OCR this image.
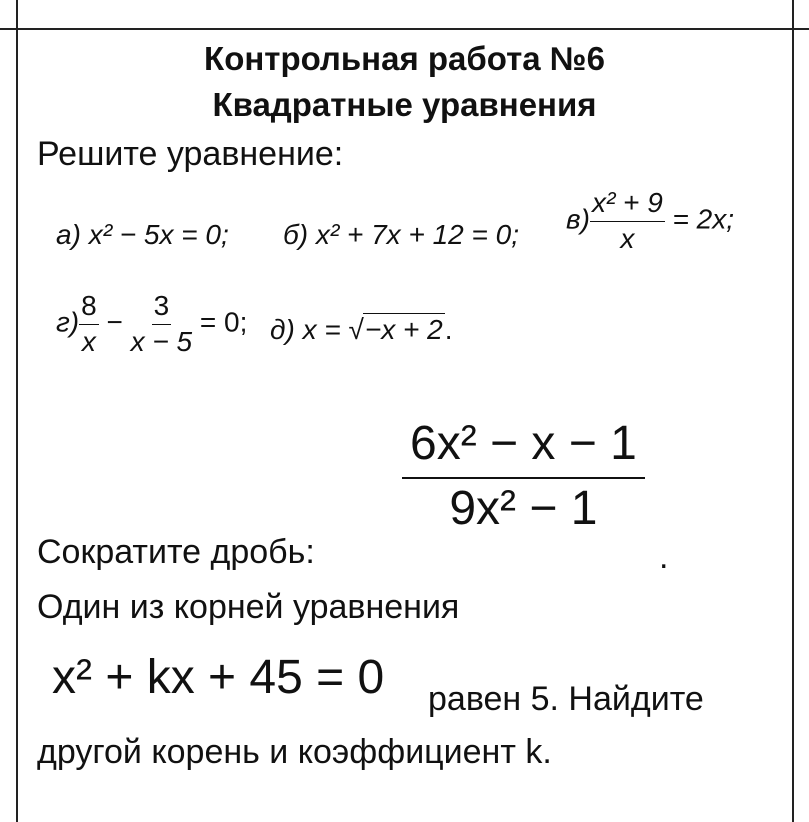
Контрольная работа №6
Квадратные уравнения
Решите уравнение:
а) x² − 5x = 0; б) x² + 7x + 12 = 0; $в) \frac{\text{x² + 9}}{x} = 2x$;
$г) \frac{8}{x} - \frac{3}{x - 5} = 0$; д) x = √−x + 2.
$\frac{\text{6x² − x − 1}}{\text{9x² − 1}}$
Сократите дробь:	.
Один из корней уравнения
x² + kx + 45 = 0 равен 5. Найдите
другой корень и коэффициент k.
